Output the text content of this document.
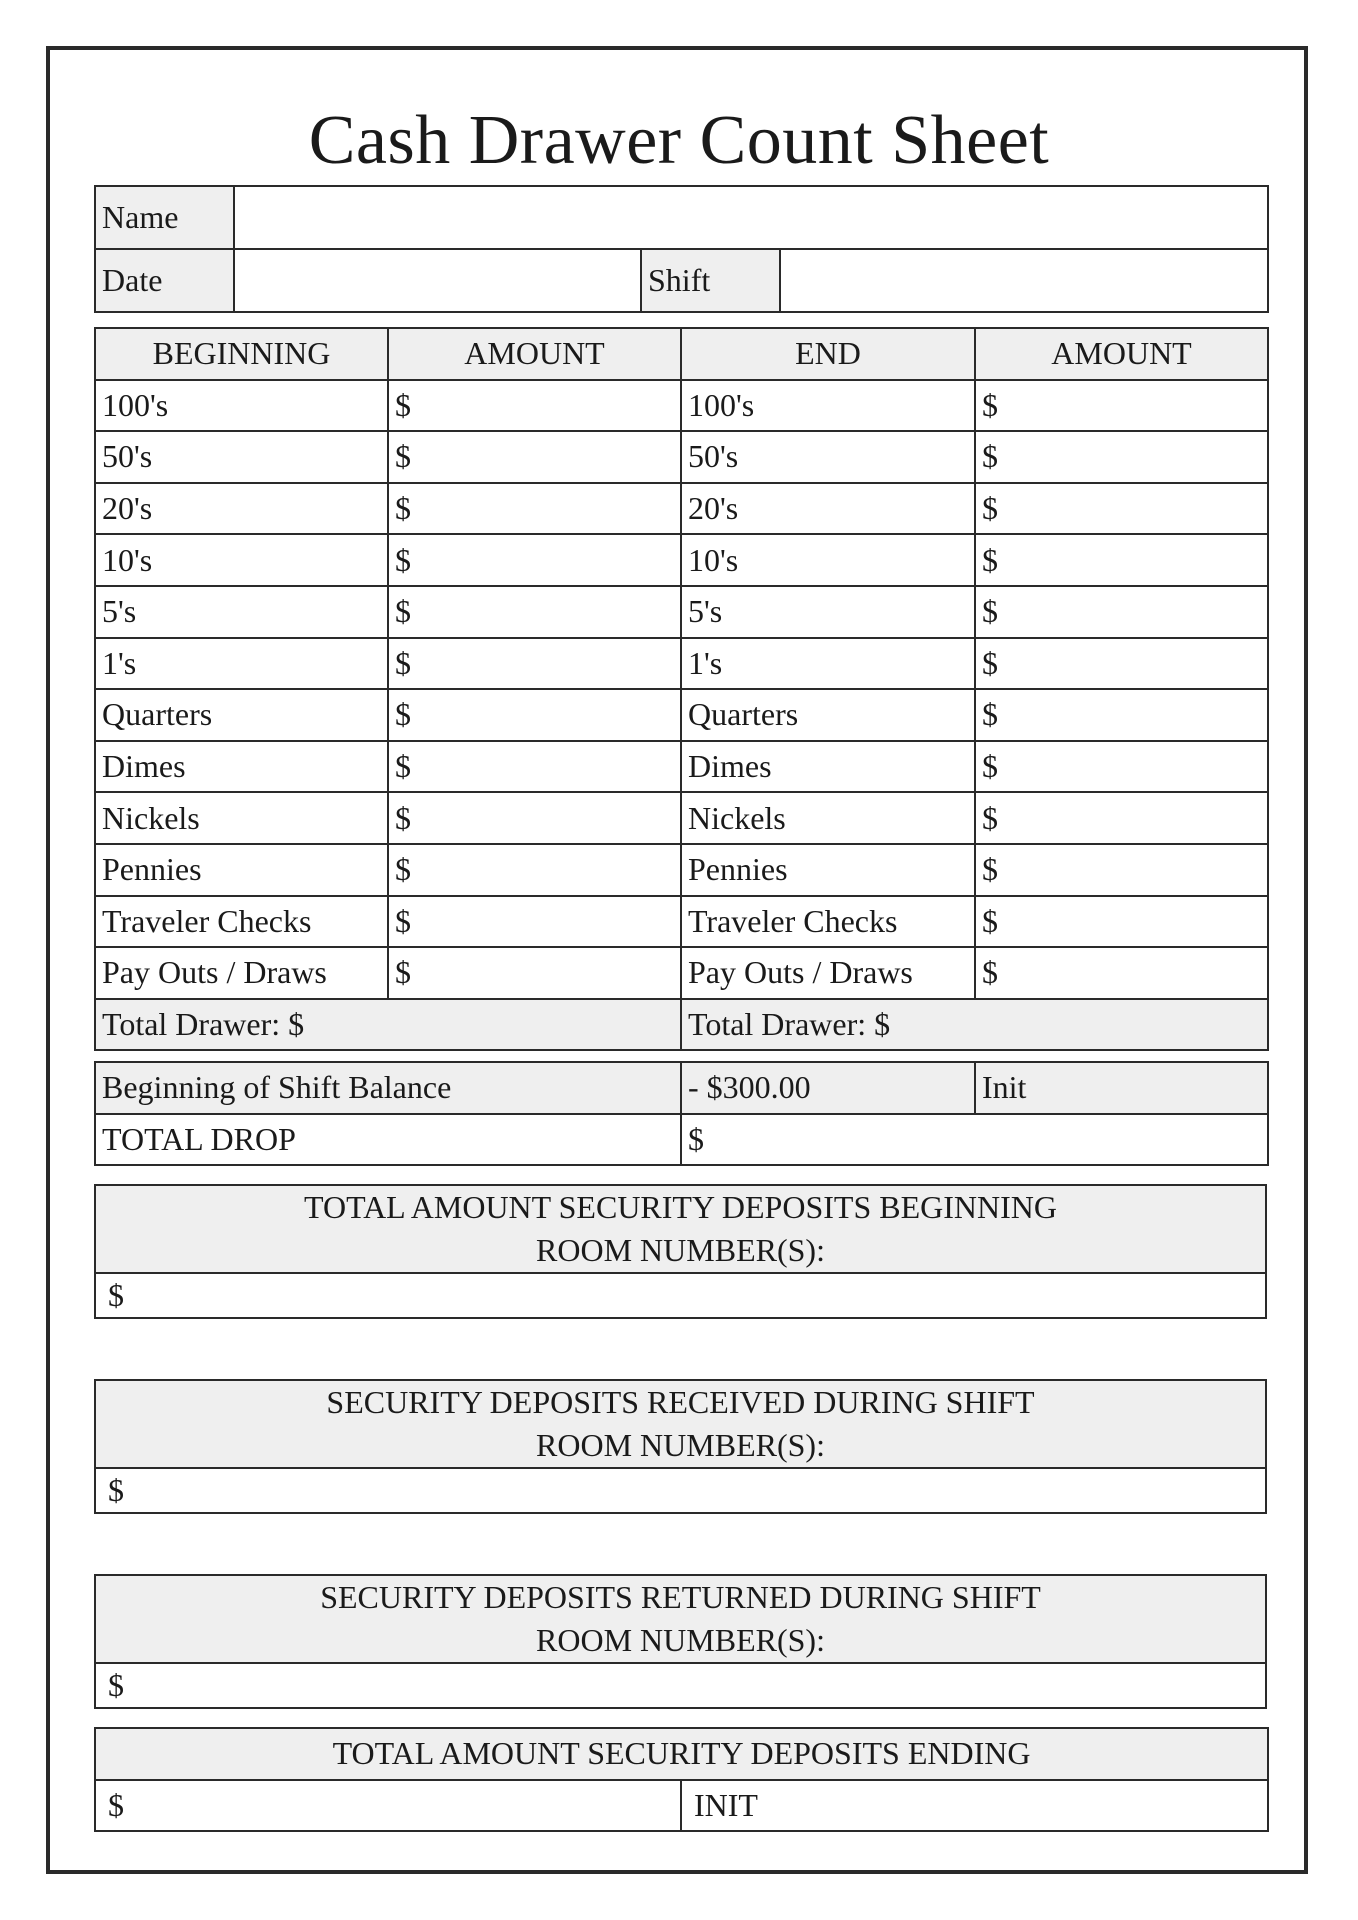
Cash Drawer Count Sheet
Name			
Date		Shift	
BEGINNING	AMOUNT	END	AMOUNT
100's	$	100's	$
50's	$	50's	$
20's	$	20's	$
10's	$	10's	$
5's	$	5's	$
1's	$	1's	$
Quarters	$	Quarters	$
Dimes	$	Dimes	$
Nickels	$	Nickels	$
Pennies	$	Pennies	$
Traveler Checks	$	Traveler Checks	$
Pay Outs / Draws	$	Pay Outs / Draws	$
Total Drawer: $		Total Drawer: $	
Beginning of Shift Balance	- $300.00	Init
TOTAL DROP	$	
TOTAL AMOUNT SECURITY DEPOSITS BEGINNING
ROOM NUMBER(S):
$
SECURITY DEPOSITS RECEIVED DURING SHIFT
ROOM NUMBER(S):
$
SECURITY DEPOSITS RETURNED DURING SHIFT
ROOM NUMBER(S):
$
TOTAL AMOUNT SECURITY DEPOSITS ENDING
$	INIT
